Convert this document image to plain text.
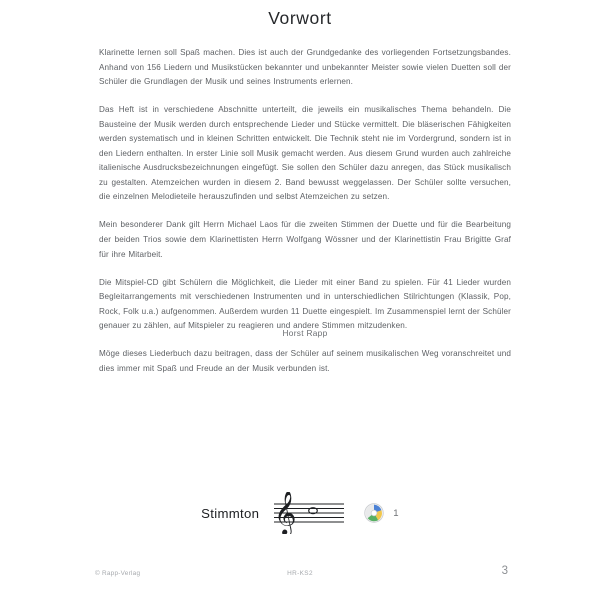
Vorwort

Klarinette lernen soll Spaß machen. Dies ist auch der Grundgedanke des vorliegenden Fortsetzungsbandes. Anhand von 156 Liedern und Musikstücken bekannter und unbekannter Meister sowie vielen Duetten soll der Schüler die Grundlagen der Musik und seines Instruments erlernen.

Das Heft ist in verschiedene Abschnitte unterteilt, die jeweils ein musikalisches Thema behandeln. Die Bausteine der Musik werden durch entsprechende Lieder und Stücke vermittelt. Die bläserischen Fähigkeiten werden systematisch und in kleinen Schritten entwickelt. Die Technik steht nie im Vordergrund, sondern ist in den Liedern enthalten. In erster Linie soll Musik gemacht werden. Aus diesem Grund wurden auch zahlreiche italienische Ausdrucksbezeichnungen eingefügt. Sie sollen den Schüler dazu anregen, das Stück musikalisch zu gestalten. Atemzeichen wurden in diesem 2. Band bewusst weggelassen. Der Schüler sollte versuchen, die einzelnen Melodieteile herauszufinden und selbst Atemzeichen zu setzen.

Mein besonderer Dank gilt Herrn Michael Laos für die zweiten Stimmen der Duette und für die Bearbeitung der beiden Trios sowie dem Klarinettisten Herrn Wolfgang Wössner und der Klarinettistin Frau Brigitte Graf für ihre Mitarbeit.

Die Mitspiel-CD gibt Schülern die Möglichkeit, die Lieder mit einer Band zu spielen. Für 41 Lieder wurden Begleitarrangements mit verschiedenen Instrumenten und in unterschiedlichen Stilrichtungen (Klassik, Pop, Rock, Folk u.a.) aufgenommen. Außerdem wurden 11 Duette eingespielt. Im Zusammenspiel lernt der Schüler genauer zu zählen, auf Mitspieler zu reagieren und andere Stimmen mitzudenken.

Möge dieses Liederbuch dazu beitragen, dass der Schüler auf seinem musikalischen Weg voranschreitet und dies immer mit Spaß und Freude an der Musik verbunden ist.

Horst Rapp
Stimmton 𝄞	1
© Rapp-Verlag	HR-KS2	3
